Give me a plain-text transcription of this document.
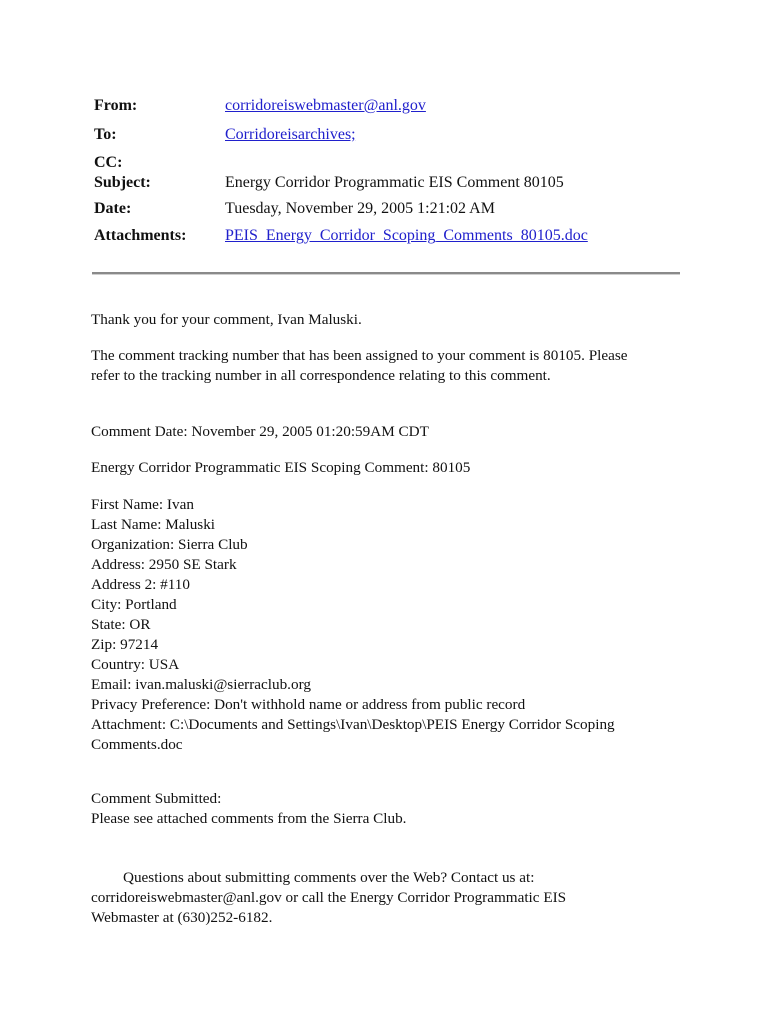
From:	corridoreiswebmaster@anl.gov
To:	Corridoreisarchives;
CC:
Subject:	Energy Corridor Programmatic EIS Comment 80105
Date:	Tuesday, November 29, 2005 1:21:02 AM
Attachments: PEIS_Energy_Corridor_Scoping_Comments_80105.doc

Thank you for your comment, Ivan Maluski.

The comment tracking number that has been assigned to your comment is 80105. Please

refer to the tracking number in all correspondence relating to this comment.

Comment Date: November 29, 2005 01:20:59AM CDT

Energy Corridor Programmatic EIS Scoping Comment: 80105

First Name: Ivan
Last Name: Maluski
Organization: Sierra Club
Address: 2950 SE Stark
Address 2: #110
City: Portland
State: OR
Zip: 97214
Country: USA
Email: ivan.maluski@sierraclub.org
Privacy Preference: Don't withhold name or address from public record
Attachment: C:\Documents and Settings\Ivan\Desktop\PEIS Energy Corridor Scoping
Comments.doc

Comment Submitted:

Please see attached comments from the Sierra Club.

Questions about submitting comments over the Web? Contact us at:

corridoreiswebmaster@anl.gov or call the Energy Corridor Programmatic EIS

Webmaster at (630)252-6182.
